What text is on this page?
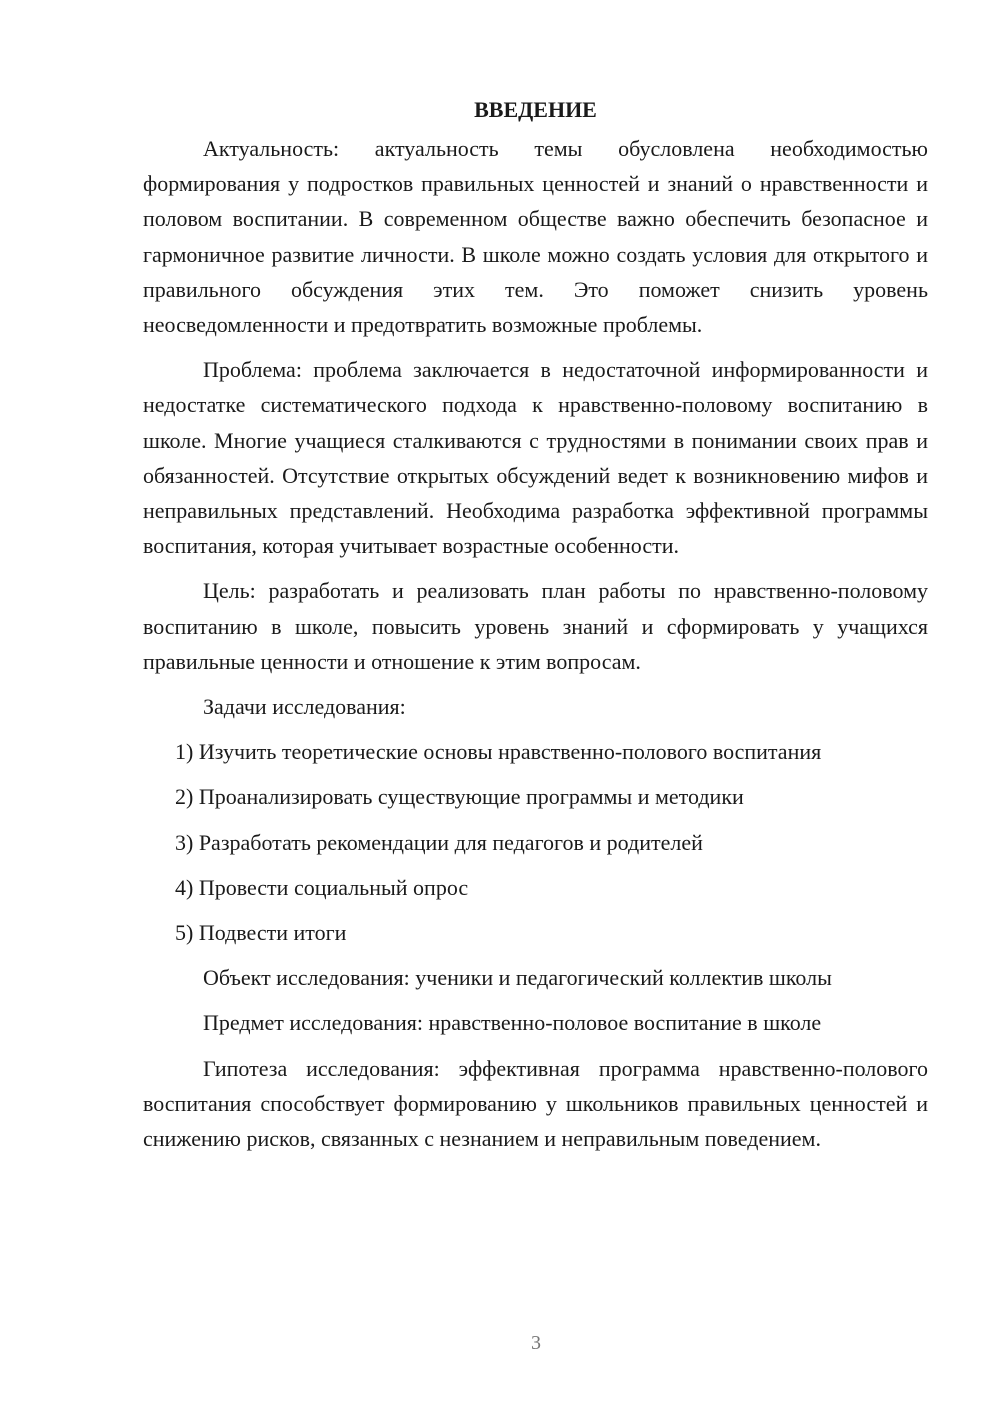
ВВЕДЕНИЕ

Актуальность: актуальность темы обусловлена необходимостью формирования у подростков правильных ценностей и знаний о нравственности и половом воспитании. В современном обществе важно обеспечить безопасное и гармоничное развитие личности. В школе можно создать условия для открытого и правильного обсуждения этих тем. Это поможет снизить уровень неосведомленности и предотвратить возможные проблемы.

Проблема: проблема заключается в недостаточной информированности и недостатке систематического подхода к нравственно-половому воспитанию в школе. Многие учащиеся сталкиваются с трудностями в понимании своих прав и обязанностей. Отсутствие открытых обсуждений ведет к возникновению мифов и неправильных представлений. Необходима разработка эффективной программы воспитания, которая учитывает возрастные особенности.

Цель: разработать и реализовать план работы по нравственно-половому воспитанию в школе, повысить уровень знаний и сформировать у учащихся правильные ценности и отношение к этим вопросам.

Задачи исследования:

1) Изучить теоретические основы нравственно-полового воспитания
2) Проанализировать существующие программы и методики
3) Разработать рекомендации для педагогов и родителей
4) Провести социальный опрос
5) Подвести итоги

Объект исследования: ученики и педагогический коллектив школы

Предмет исследования: нравственно-половое воспитание в школе

Гипотеза исследования: эффективная программа нравственно-полового воспитания способствует формированию у школьников правильных ценностей и снижению рисков, связанных с незнанием и неправильным поведением.

3
